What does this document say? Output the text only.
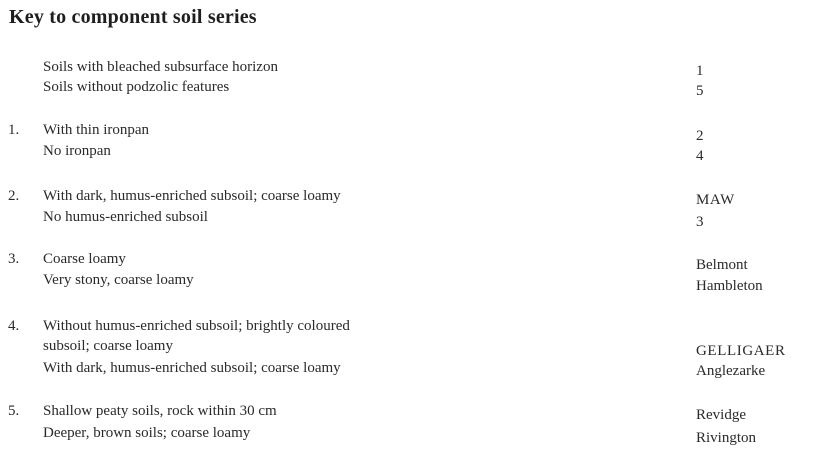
Key to component soil series
Soils with bleached subsurface horizon	1
Soils without podzolic features	5
1. With thin ironpan	2
No ironpan	4
2. With dark, humus-enriched subsoil; coarse loamy	MAW
No humus-enriched subsoil	3
3. Coarse loamy	Belmont
Very stony, coarse loamy	Hambleton
4. Without humus-enriched subsoil; brightly coloured
subsoil; coarse loamy	GELLIGAER
With dark, humus-enriched subsoil; coarse loamy	Anglezarke
5. Shallow peaty soils, rock within 30 cm	Revidge
Deeper, brown soils; coarse loamy	Rivington
